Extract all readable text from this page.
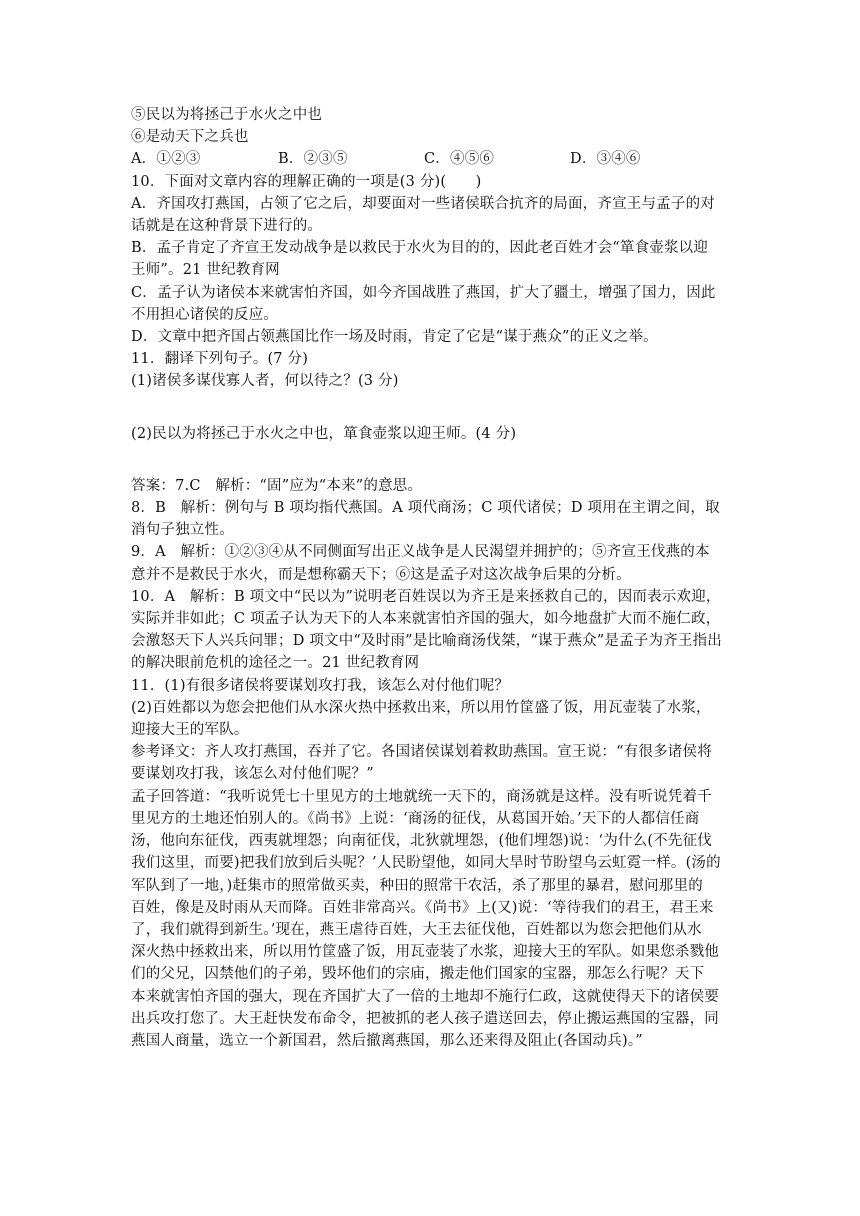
⑤民以为将拯己于水火之中也
⑥是动天下之兵也
A．①②③	B．②③⑤	C．④⑤⑥	D．③④⑥
10．下面对文章内容的理解正确的一项是(3 分)(　　)
A．齐国攻打燕国，占领了它之后，却要面对一些诸侯联合抗齐的局面，齐宣王与孟子的对
话就是在这种背景下进行的。
B．孟子肯定了齐宣王发动战争是以救民于水火为目的的，因此老百姓才会“箪食壶浆以迎
王师”。21 世纪教育网
C．孟子认为诸侯本来就害怕齐国，如今齐国战胜了燕国，扩大了疆土，增强了国力，因此
不用担心诸侯的反应。
D．文章中把齐国占领燕国比作一场及时雨，肯定了它是“谋于燕众”的正义之举。
11．翻译下列句子。(7 分)
(1)诸侯多谋伐寡人者，何以待之？(3 分)
(2)民以为将拯己于水火之中也，箪食壶浆以迎王师。(4 分)
答案：7.C　解析：“固”应为“本来”的意思。
8．B　解析：例句与 B 项均指代燕国。A 项代商汤；C 项代诸侯；D 项用在主谓之间，取
消句子独立性。
9．A　解析：①②③④从不同侧面写出正义战争是人民渴望并拥护的；⑤齐宣王伐燕的本
意并不是救民于水火，而是想称霸天下；⑥这是孟子对这次战争后果的分析。
10．A　解析：B 项文中“民以为”说明老百姓误以为齐王是来拯救自己的，因而表示欢迎，
实际并非如此；C 项孟子认为天下的人本来就害怕齐国的强大，如今地盘扩大而不施仁政，
会激怒天下人兴兵问罪；D 项文中“及时雨”是比喻商汤伐桀，“谋于燕众”是孟子为齐王指出
的解决眼前危机的途径之一。21 世纪教育网
11．(1)有很多诸侯将要谋划攻打我，该怎么对付他们呢？
(2)百姓都以为您会把他们从水深火热中拯救出来，所以用竹筐盛了饭，用瓦壶装了水浆，
迎接大王的军队。
参考译文：齐人攻打燕国，吞并了它。各国诸侯谋划着救助燕国。宣王说：“有很多诸侯将
要谋划攻打我，该怎么对付他们呢？”
孟子回答道：“我听说凭七十里见方的土地就统一天下的，商汤就是这样。没有听说凭着千
里见方的土地还怕别人的。《尚书》上说：‘商汤的征伐，从葛国开始。’天下的人都信任商
汤，他向东征伐，西夷就埋怨；向南征伐，北狄就埋怨，(他们埋怨)说：‘为什么(不先征伐
我们这里，而要)把我们放到后头呢？’人民盼望他，如同大旱时节盼望乌云虹霓一样。(汤的
军队到了一地，)赶集市的照常做买卖，种田的照常干农活，杀了那里的暴君，慰问那里的
百姓，像是及时雨从天而降。百姓非常高兴。《尚书》上(又)说：‘等待我们的君王，君王来
了，我们就得到新生。’现在，燕王虐待百姓，大王去征伐他，百姓都以为您会把他们从水
深火热中拯救出来，所以用竹筐盛了饭，用瓦壶装了水浆，迎接大王的军队。如果您杀戮他
们的父兄，囚禁他们的子弟，毁坏他们的宗庙，搬走他们国家的宝器，那怎么行呢？天下
本来就害怕齐国的强大，现在齐国扩大了一倍的土地却不施行仁政，这就使得天下的诸侯要
出兵攻打您了。大王赶快发布命令，把被抓的老人孩子遣送回去，停止搬运燕国的宝器，同
燕国人商量，选立一个新国君，然后撤离燕国，那么还来得及阻止(各国动兵)。”
